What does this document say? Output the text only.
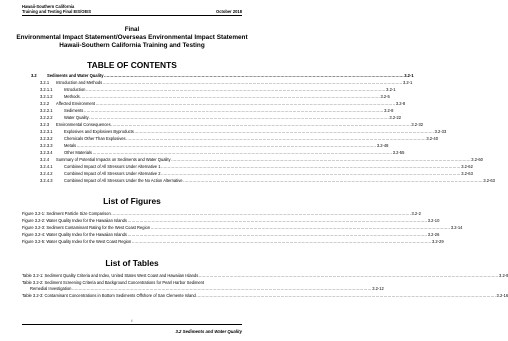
Hawaii-Southern California
Training and Testing Final EIS/OEIS	October 2018
Final
Environmental Impact Statement/Overseas Environmental Impact Statement
Hawaii-Southern California Training and Testing
TABLE OF CONTENTS
3.2	Sediments and Water Quality .....	3.2-1
3.2.1	Introduction and Methods .....	3.2-1
3.2.1.1	Introduction .....	3.2-1
3.2.1.2	Methods .....	3.2-5
3.2.2	Affected Environment .....	3.2-8
3.2.2.1	Sediments .....	3.2-8
3.2.2.2	Water Quality .....	3.2-22
3.2.3	Environmental Consequences .....	3.2-32
3.2.3.1	Explosives and Explosives Byproducts .....	3.2-33
3.2.3.2	Chemicals Other Than Explosives .....	3.2-40
3.2.3.3	Metals .....	3.2-48
3.2.3.4	Other Materials .....	3.2-55
3.2.4	Summary of Potential Impacts on Sediments and Water Quality .....	3.2-60
3.2.4.1	Combined Impact of All Stressors Under Alternative 1 .....	3.2-62
3.2.4.2	Combined Impact of All Stressors Under Alternative 2 .....	3.2-63
3.2.4.3	Combined Impact of All Stressors Under the No Action Alternative .....	3.2-63
List of Figures
Figure 3.2-1: Sediment Particle Size Comparison .....	3.2-2
Figure 3.2-2: Water Quality Index for the Hawaiian Islands .....	3.2-10
Figure 3.2-3: Sediment Contaminant Rating for the West Coast Region .....	3.2-14
Figure 3.2-4: Water Quality Index for the Hawaiian Islands .....	3.2-26
Figure 3.2-5: Water Quality Index for the West Coast Region .....	3.2-29
List of Tables
Table 3.2-1: Sediment Quality Criteria and Index, United States West Coast and Hawaiian Islands .....	3.2-9
Table 3.2-2: Sediment Screening Criteria and Background Concentrations for Pearl Harbor Sediment
Remedial Investigation .....	3.2-12
Table 3.2-3: Contaminant Concentrations in Bottom Sediments Offshore of San Clemente Island .....	3.2-16
i
3.2 Sediments and Water Quality
